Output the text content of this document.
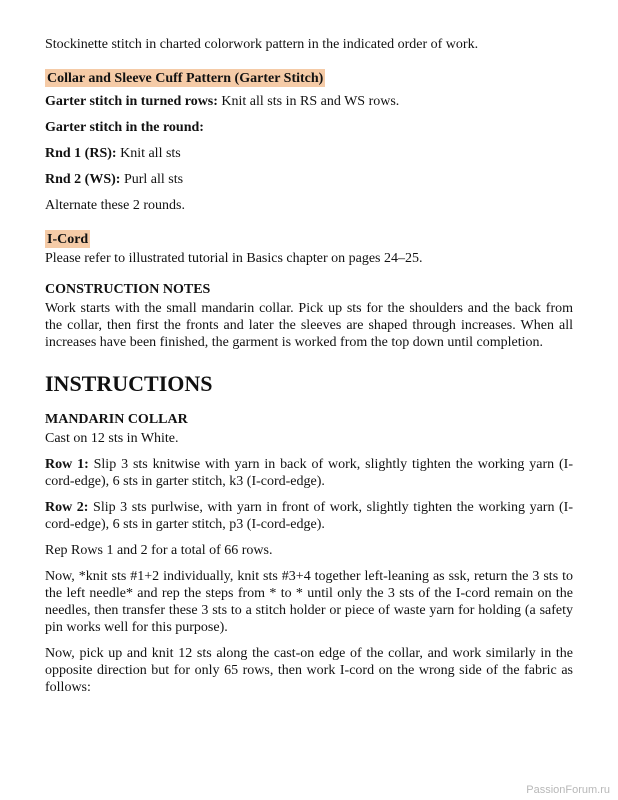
Stockinette stitch in charted colorwork pattern in the indicated order of work.

Collar and Sleeve Cuff Pattern (Garter Stitch)

Garter stitch in turned rows: Knit all sts in RS and WS rows.

Garter stitch in the round:

Rnd 1 (RS): Knit all sts

Rnd 2 (WS): Purl all sts

Alternate these 2 rounds.

I-Cord

Please refer to illustrated tutorial in Basics chapter on pages 24–25.

CONSTRUCTION NOTES

Work starts with the small mandarin collar. Pick up sts for the shoulders and the back from the collar, then first the fronts and later the sleeves are shaped through increases. When all increases have been finished, the garment is worked from the top down until completion.

INSTRUCTIONS

MANDARIN COLLAR

Cast on 12 sts in White.

Row 1: Slip 3 sts knitwise with yarn in back of work, slightly tighten the working yarn (I-cord-edge), 6 sts in garter stitch, k3 (I-cord-edge).

Row 2: Slip 3 sts purlwise, with yarn in front of work, slightly tighten the working yarn (I-cord-edge), 6 sts in garter stitch, p3 (I-cord-edge).

Rep Rows 1 and 2 for a total of 66 rows.

Now, *knit sts #1+2 individually, knit sts #3+4 together left-leaning as ssk, return the 3 sts to the left needle* and rep the steps from * to * until only the 3 sts of the I-cord remain on the needles, then transfer these 3 sts to a stitch holder or piece of waste yarn for holding (a safety pin works well for this purpose).

Now, pick up and knit 12 sts along the cast-on edge of the collar, and work similarly in the opposite direction but for only 65 rows, then work I-cord on the wrong side of the fabric as follows:

PassionForum.ru
